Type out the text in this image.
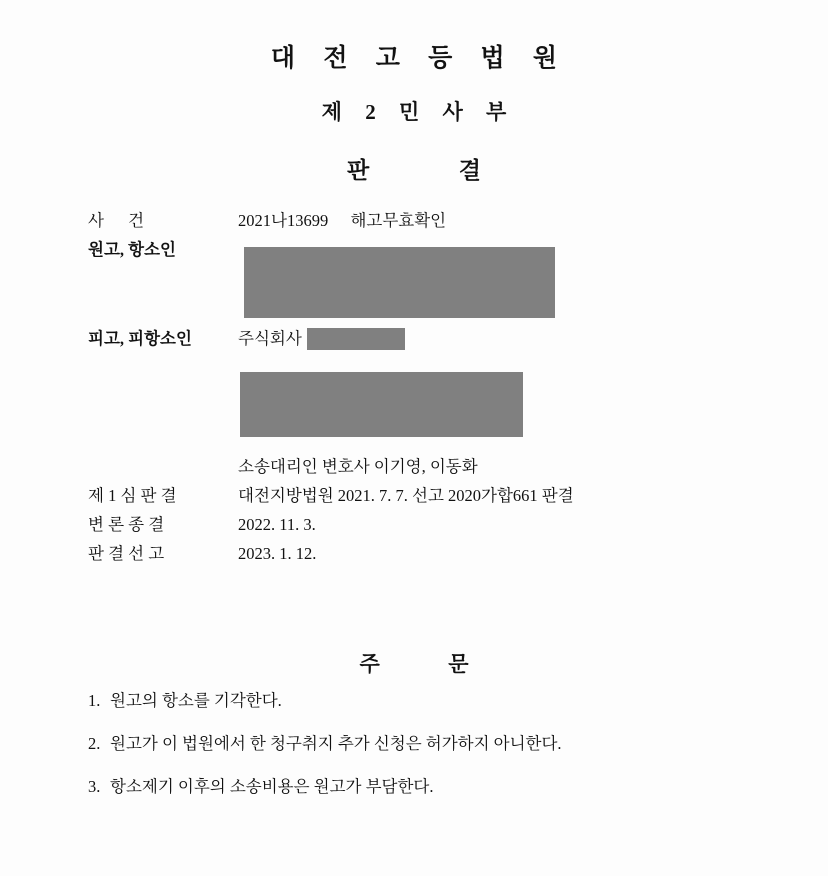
대 전 고 등 법 원
제 2 민 사 부
판	결
사 건	2021나13699 해고무효확인
원고, 항소인
피고, 피항소인	주식회사
소송대리인 변호사 이기영, 이동화
제 1 심 판 결	대전지방법원 2021. 7. 7. 선고 2020가합661 판결
변 론 종 결	2022. 11. 3.
판 결 선 고	2023. 1. 12.
주	문
1. 원고의 항소를 기각한다.
2. 원고가 이 법원에서 한 청구취지 추가 신청은 허가하지 아니한다.
3. 항소제기 이후의 소송비용은 원고가 부담한다.
